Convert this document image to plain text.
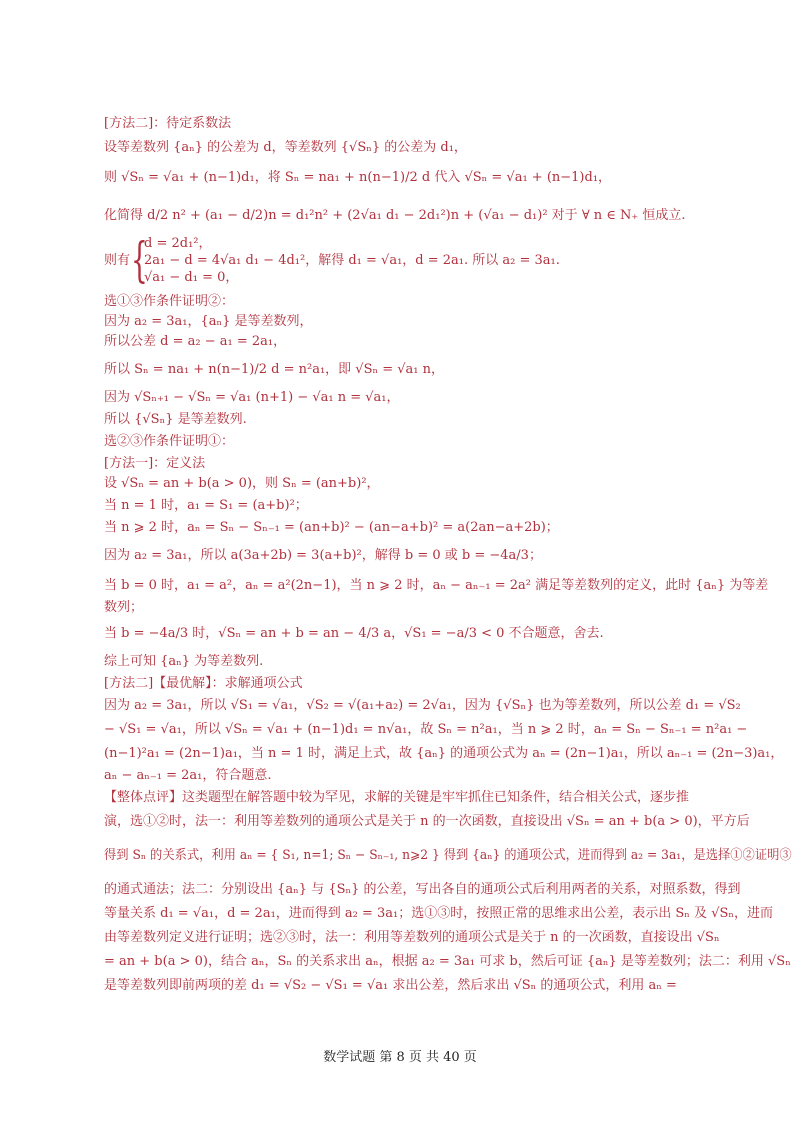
[方法二]：待定系数法
设等差数列 {aₙ} 的公差为 d，等差数列 {√Sₙ} 的公差为 d₁，
则 √Sₙ = √a₁ + (n−1)d₁，将 Sₙ = na₁ + n(n−1)/2 d 代入 √Sₙ = √a₁ + (n−1)d₁，
化简得 d/2 n² + (a₁ − d/2)n = d₁²n² + (2√a₁ d₁ − 2d₁²)n + (√a₁ − d₁)² 对于 ∀ n ∈ N₊ 恒成立.
则有 {
d = 2d₁²，
2a₁ − d = 4√a₁ d₁ − 4d₁²，解得 d₁ = √a₁，d = 2a₁. 所以 a₂ = 3a₁.
√a₁ − d₁ = 0，
选①③作条件证明②：
因为 a₂ = 3a₁，{aₙ} 是等差数列，
所以公差 d = a₂ − a₁ = 2a₁，
所以 Sₙ = na₁ + n(n−1)/2 d = n²a₁，即 √Sₙ = √a₁ n，
因为 √Sₙ₊₁ − √Sₙ = √a₁ (n+1) − √a₁ n = √a₁，
所以 {√Sₙ} 是等差数列.
选②③作条件证明①：
[方法一]：定义法
设 √Sₙ = an + b(a > 0)，则 Sₙ = (an+b)²，
当 n = 1 时，a₁ = S₁ = (a+b)²；
当 n ⩾ 2 时，aₙ = Sₙ − Sₙ₋₁ = (an+b)² − (an−a+b)² = a(2an−a+2b)；
因为 a₂ = 3a₁，所以 a(3a+2b) = 3(a+b)²，解得 b = 0 或 b = −4a/3；
当 b = 0 时，a₁ = a²，aₙ = a²(2n−1)，当 n ⩾ 2 时，aₙ − aₙ₋₁ = 2a² 满足等差数列的定义，此时 {aₙ} 为等差
数列；
当 b = −4a/3 时，√Sₙ = an + b = an − 4/3 a，√S₁ = −a/3 < 0 不合题意，舍去.
综上可知 {aₙ} 为等差数列.
[方法二]【最优解】：求解通项公式
因为 a₂ = 3a₁，所以 √S₁ = √a₁，√S₂ = √(a₁+a₂) = 2√a₁，因为 {√Sₙ} 也为等差数列，所以公差 d₁ = √S₂
− √S₁ = √a₁，所以 √Sₙ = √a₁ + (n−1)d₁ = n√a₁，故 Sₙ = n²a₁，当 n ⩾ 2 时，aₙ = Sₙ − Sₙ₋₁ = n²a₁ −
(n−1)²a₁ = (2n−1)a₁，当 n = 1 时，满足上式，故 {aₙ} 的通项公式为 aₙ = (2n−1)a₁，所以 aₙ₋₁ = (2n−3)a₁，
aₙ − aₙ₋₁ = 2a₁，符合题意.
【整体点评】这类题型在解答题中较为罕见，求解的关键是牢牢抓住已知条件，结合相关公式，逐步推
演，选①②时，法一：利用等差数列的通项公式是关于 n 的一次函数，直接设出 √Sₙ = an + b(a > 0)，平方后
得到 Sₙ 的关系式，利用 aₙ = { S₁, n=1; Sₙ − Sₙ₋₁, n⩾2 } 得到 {aₙ} 的通项公式，进而得到 a₂ = 3a₁，是选择①②证明③
的通式通法；法二：分别设出 {aₙ} 与 {Sₙ} 的公差，写出各自的通项公式后利用两者的关系，对照系数，得到
等量关系 d₁ = √a₁，d = 2a₁，进而得到 a₂ = 3a₁；选①③时，按照正常的思维求出公差，表示出 Sₙ 及 √Sₙ，进而
由等差数列定义进行证明；选②③时，法一：利用等差数列的通项公式是关于 n 的一次函数，直接设出 √Sₙ
= an + b(a > 0)，结合 aₙ，Sₙ 的关系求出 aₙ，根据 a₂ = 3a₁ 可求 b，然后可证 {aₙ} 是等差数列；法二：利用 √Sₙ
是等差数列即前两项的差 d₁ = √S₂ − √S₁ = √a₁ 求出公差，然后求出 √Sₙ 的通项公式，利用 aₙ =
数学试题 第 8 页 共 40 页
